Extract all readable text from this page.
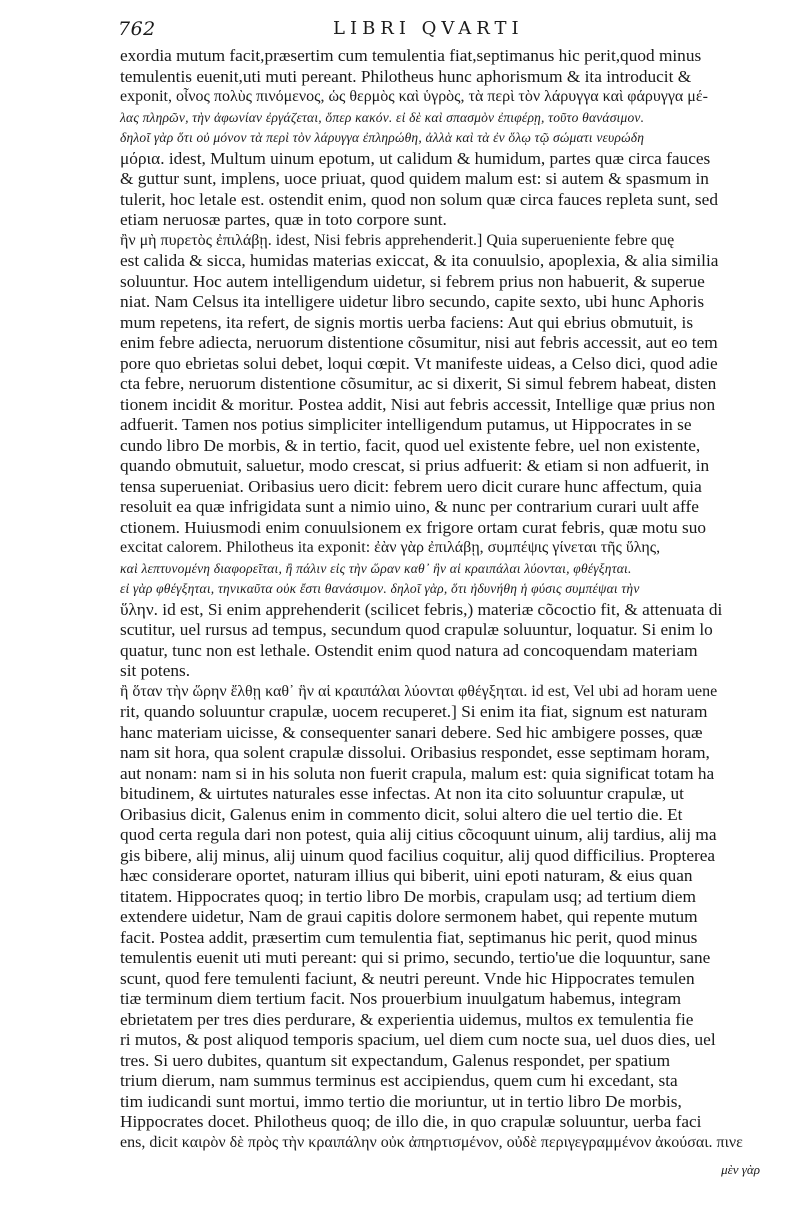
762	LIBRI QVARTI
exordia mutum facit,præsertim cum temulentia fiat,septimanus hic perit,quod minus
temulentis euenit,uti muti pereant. Philotheus hunc aphorismum & ita introducit &
exponit, οἶνος πολὺς πινόμενος, ὡς θερμὸς καὶ ὑγρὸς, τὰ περὶ τὸν λάρυγγα καὶ φάρυγγα μέ-
λας πληρῶν, τὴν ἀφωνίαν ἐργάζεται, ὅπερ κακόν. εἰ δὲ καὶ σπασμὸν ἐπιφέρῃ, τοῦτο θανάσιμον.
δηλοῖ γὰρ ὅτι οὐ μόνον τὰ περὶ τὸν λάρυγγα ἐπληρώθη, ἀλλὰ καὶ τὰ ἐν ὅλῳ τῷ σώματι νευρώδη
μόρια. idest, Multum uinum epotum, ut calidum & humidum, partes quæ circa fauces
& guttur sunt, implens, uoce priuat, quod quidem malum est: si autem & spasmum in
tulerit, hoc letale est. ostendit enim, quod non solum quæ circa fauces repleta sunt, sed
etiam neruosæ partes, quæ in toto corpore sunt.
ἢν μὴ πυρετὸς ἐπιλάβῃ. idest, Nisi febris apprehenderit.] Quia superueniente febre quę
est calida & sicca, humidas materias exiccat, & ita conuulsio, apoplexia, & alia similia
soluuntur. Hoc autem intelligendum uidetur, si febrem prius non habuerit, & superue
niat. Nam Celsus ita intelligere uidetur libro secundo, capite sexto, ubi hunc Aphoris
mum repetens, ita refert, de signis mortis uerba faciens: Aut qui ebrius obmutuit, is
enim febre adiecta, neruorum distentione cõsumitur, nisi aut febris accessit, aut eo tem
pore quo ebrietas solui debet, loqui cœpit. Vt manifeste uideas, a Celso dici, quod adie
cta febre, neruorum distentione cõsumitur, ac si dixerit, Si simul febrem habeat, disten
tionem incidit & moritur. Postea addit, Nisi aut febris accessit, Intellige quæ prius non
adfuerit. Tamen nos potius simpliciter intelligendum putamus, ut Hippocrates in se
cundo libro De morbis, & in tertio, facit, quod uel existente febre, uel non existente,
quando obmutuit, saluetur, modo crescat, si prius adfuerit: & etiam si non adfuerit, in
tensa superueniat. Oribasius uero dicit: febrem uero dicit curare hunc affectum, quia
resoluit ea quæ infrigidata sunt a nimio uino, & nunc per contrarium curari uult affe
ctionem. Huiusmodi enim conuulsionem ex frigore ortam curat febris, quæ motu suo
excitat calorem. Philotheus ita exponit: ἐὰν γὰρ ἐπιλάβῃ, συμπέψις γίνεται τῆς ὕλης,
καὶ λεπτυνομένη διαφορεῖται, ἢ πάλιν εἰς τὴν ὥραν καθ᾽ ἣν αἱ κραιπάλαι λύονται, φθέγξηται.
εἰ γὰρ φθέγξηται, τηνικαῦτα οὐκ ἔστι θανάσιμον. δηλοῖ γὰρ, ὅτι ἠδυνήθη ἡ φύσις συμπέψαι τὴν
ὕλην. id est, Si enim apprehenderit (scilicet febris,) materiæ cõcoctio fit, & attenuata di
scutitur, uel rursus ad tempus, secundum quod crapulæ soluuntur, loquatur. Si enim lo
quatur, tunc non est lethale. Ostendit enim quod natura ad concoquendam materiam
sit potens.
ἢ ὅταν τὴν ὥρην ἔλθῃ καθ᾽ ἣν αἱ κραιπάλαι λύονται φθέγξηται. id est, Vel ubi ad horam uene
rit, quando soluuntur crapulæ, uocem recuperet.] Si enim ita fiat, signum est naturam
hanc materiam uicisse, & consequenter sanari debere. Sed hic ambigere posses, quæ
nam sit hora, qua solent crapulæ dissolui. Oribasius respondet, esse septimam horam,
aut nonam: nam si in his soluta non fuerit crapula, malum est: quia significat totam ha
bitudinem, & uirtutes naturales esse infectas. At non ita cito soluuntur crapulæ, ut
Oribasius dicit, Galenus enim in commento dicit, solui altero die uel tertio die. Et
quod certa regula dari non potest, quia alij citius cõcoquunt uinum, alij tardius, alij ma
gis bibere, alij minus, alij uinum quod facilius coquitur, alij quod difficilius. Propterea
hæc considerare oportet, naturam illius qui biberit, uini epoti naturam, & eius quan
titatem. Hippocrates quoq; in tertio libro De morbis, crapulam usq; ad tertium diem
extendere uidetur, Nam de graui capitis dolore sermonem habet, qui repente mutum
facit. Postea addit, præsertim cum temulentia fiat, septimanus hic perit, quod minus
temulentis euenit uti muti pereant: qui si primo, secundo, tertio'ue die loquuntur, sane
scunt, quod fere temulenti faciunt, & neutri pereunt. Vnde hic Hippocrates temulen
tiæ terminum diem tertium facit. Nos prouerbium inuulgatum habemus, integram
ebrietatem per tres dies perdurare, & experientia uidemus, multos ex temulentia fie
ri mutos, & post aliquod temporis spacium, uel diem cum nocte sua, uel duos dies, uel
tres. Si uero dubites, quantum sit expectandum, Galenus respondet, per spatium
trium dierum, nam summus terminus est accipiendus, quem cum hi excedant, sta
tim iudicandi sunt mortui, immo tertio die moriuntur, ut in tertio libro De morbis,
Hippocrates docet. Philotheus quoq; de illo die, in quo crapulæ soluuntur, uerba faci
ens, dicit καιρὸν δὲ πρὸς τὴν κραιπάλην οὐκ ἀπηρτισμένον, οὐδὲ περιγεγραμμένον ἀκούσαι. πινε
μὲν γὰρ
